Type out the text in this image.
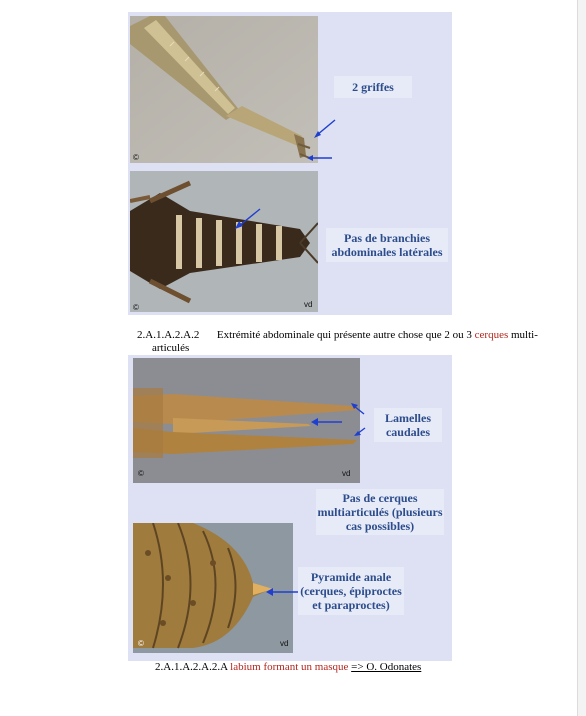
©
2 griffes
©	vd
Pas de branchies abdominales latérales
2.A.1.A.2.A.2 Extrémité abdominale qui présente autre chose que 2 ou 3 cerques multi-
articulés
©	vd
Lamelles caudales
Pas de cerques multiarticulés (plusieurs cas possibles)
©	vd
Pyramide anale (cerques, épiproctes et paraproctes)
2.A.1.A.2.A.2.A labium formant un masque => O. Odonates
